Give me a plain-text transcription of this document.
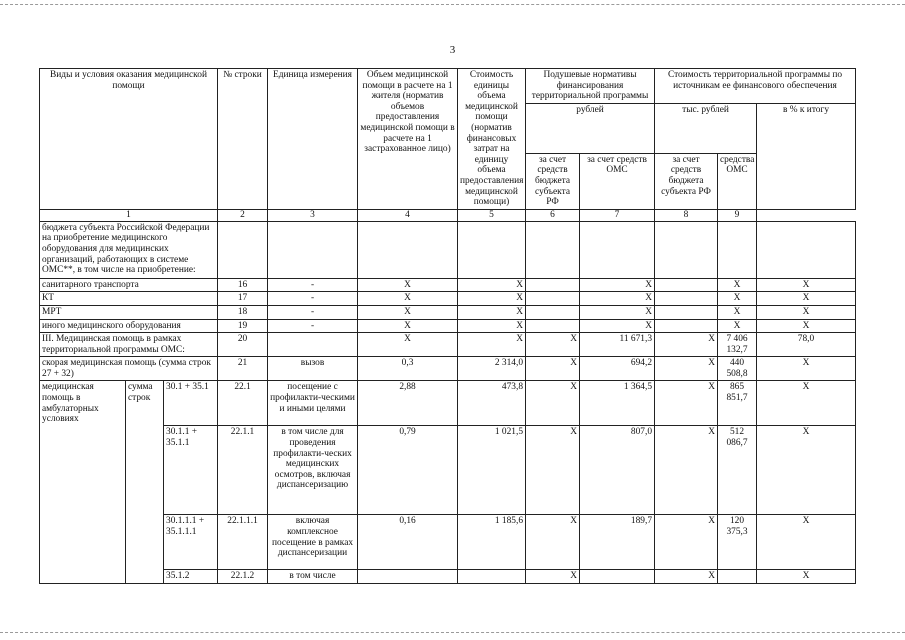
3
Виды и условия оказания медицинской помощи			№ строки	Единица измерения	Объем медицинской помощи в расчете на 1 жителя (норматив объемов предоставления медицинской помощи в расчете на 1 застрахованное лицо)	Стоимость единицы объема медицинской помощи (норматив финансовых затрат на единицу объема предоставления медицинской помощи)	Подушевые нормативы финансирования территориальной программы		Стоимость территориальной программы по источникам ее финансового обеспечения		
							рублей		тыс. рублей		в % к итогу
							за счет средств бюджета субъекта РФ	за счет средств ОМС	за счет средств бюджета субъекта РФ	средства ОМС	
1			2	3	4	5	6	7	8	9	
бюджета субъекта Российской Федерации на приобретение медицинского оборудования для медицинских организаций, работающих в системе ОМС**, в том числе на приобретение:											
санитарного транспорта			16	-	X	X		X		X	X
КТ			17	-	X	X		X		X	X
МРТ			18	-	X	X		X		X	X
иного медицинского оборудования			19	-	X	X		X		X	X
III. Медицинская помощь в рамках территориальной программы ОМС:			20		X	X	X	11 671,3	X	7 406 132,7	78,0
скорая медицинская помощь (сумма строк 27 + 32)			21	вызов	0,3	2 314,0	X	694,2	X	440 508,8	X
медицинская помощь в амбулаторных условиях	сумма строк	30.1 + 35.1	22.1	посещение с профилакти-ческими и иными целями	2,88	473,8	X	1 364,5	X	865 851,7	X
		30.1.1 + 35.1.1	22.1.1	в том числе для проведения профилакти-ческих медицинских осмотров, включая диспансеризацию	0,79	1 021,5	X	807,0	X	512 086,7	X
		30.1.1.1 + 35.1.1.1	22.1.1.1	включая комплексное посещение в рамках диспансеризации	0,16	1 185,6	X	189,7	X	120 375,3	X
		35.1.2	22.1.2	в том числе			X		X		X
